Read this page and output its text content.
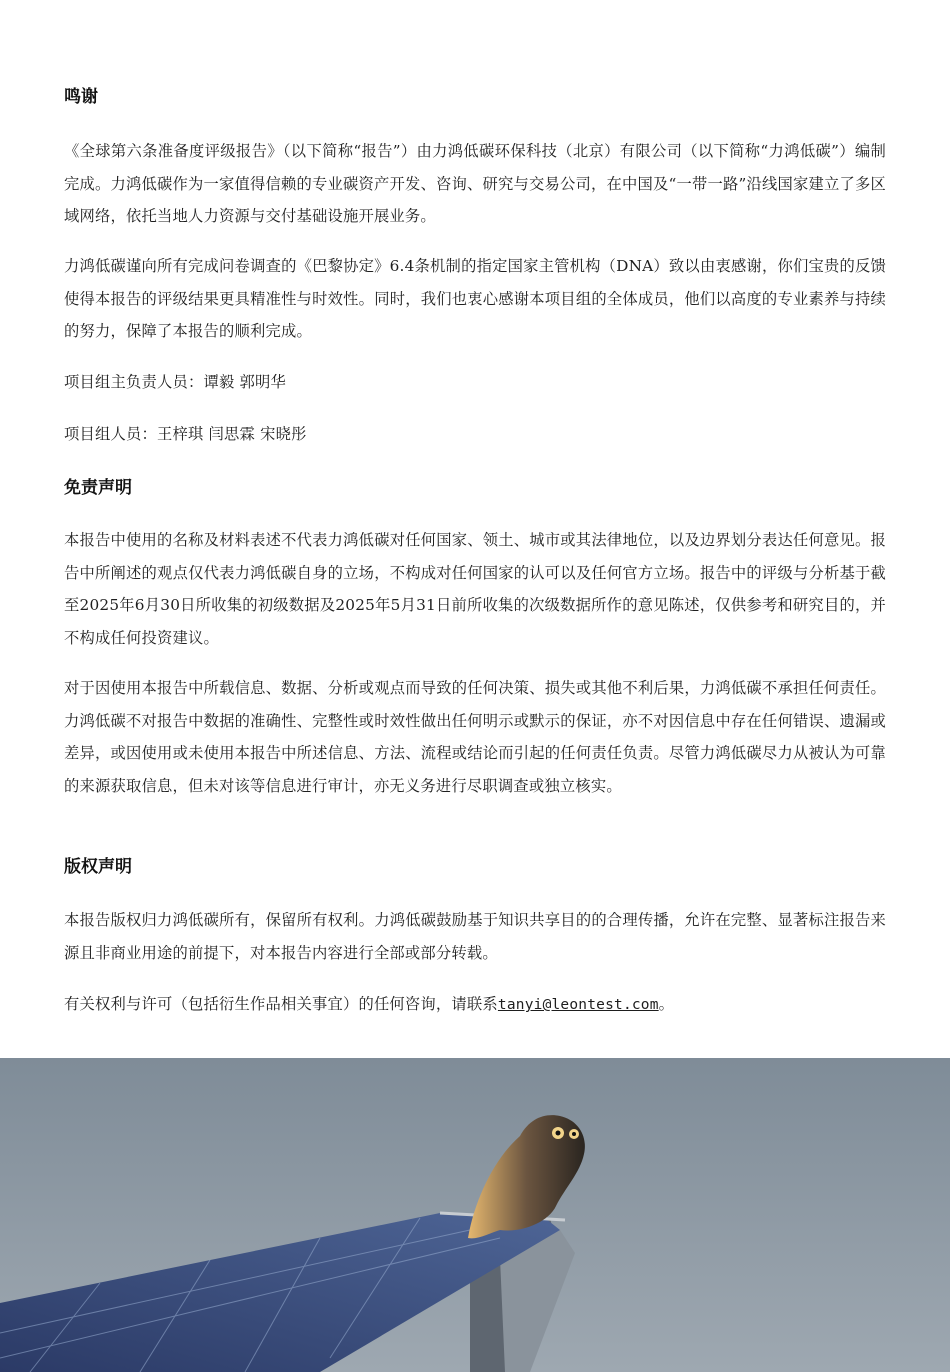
鸣谢

《全球第六条准备度评级报告》（以下简称“报告”）由力鸿低碳环保科技（北京）有限公司（以下简称“力鸿低碳”）编制完成。力鸿低碳作为一家值得信赖的专业碳资产开发、咨询、研究与交易公司，在中国及“一带一路”沿线国家建立了多区域网络，依托当地人力资源与交付基础设施开展业务。

力鸿低碳谨向所有完成问卷调查的《巴黎协定》6.4条机制的指定国家主管机构（DNA）致以由衷感谢，你们宝贵的反馈使得本报告的评级结果更具精准性与时效性。同时，我们也衷心感谢本项目组的全体成员，他们以高度的专业素养与持续的努力，保障了本报告的顺利完成。

项目组主负责人员：谭毅 郭明华

项目组人员：王梓琪 闫思霖 宋晓彤

免责声明

本报告中使用的名称及材料表述不代表力鸿低碳对任何国家、领土、城市或其法律地位，以及边界划分表达任何意见。报告中所阐述的观点仅代表力鸿低碳自身的立场，不构成对任何国家的认可以及任何官方立场。报告中的评级与分析基于截至2025年6月30日所收集的初级数据及2025年5月31日前所收集的次级数据所作的意见陈述，仅供参考和研究目的，并不构成任何投资建议。

对于因使用本报告中所载信息、数据、分析或观点而导致的任何决策、损失或其他不利后果，力鸿低碳不承担任何责任。力鸿低碳不对报告中数据的准确性、完整性或时效性做出任何明示或默示的保证，亦不对因信息中存在任何错误、遗漏或差异，或因使用或未使用本报告中所述信息、方法、流程或结论而引起的任何责任负责。尽管力鸿低碳尽力从被认为可靠的来源获取信息，但未对该等信息进行审计，亦无义务进行尽职调查或独立核实。

版权声明

本报告版权归力鸿低碳所有，保留所有权利。力鸿低碳鼓励基于知识共享目的的合理传播，允许在完整、显著标注报告来源且非商业用途的前提下，对本报告内容进行全部或部分转载。

有关权利与许可（包括衍生作品相关事宜）的任何咨询，请联系tanyi@leontest.com。
